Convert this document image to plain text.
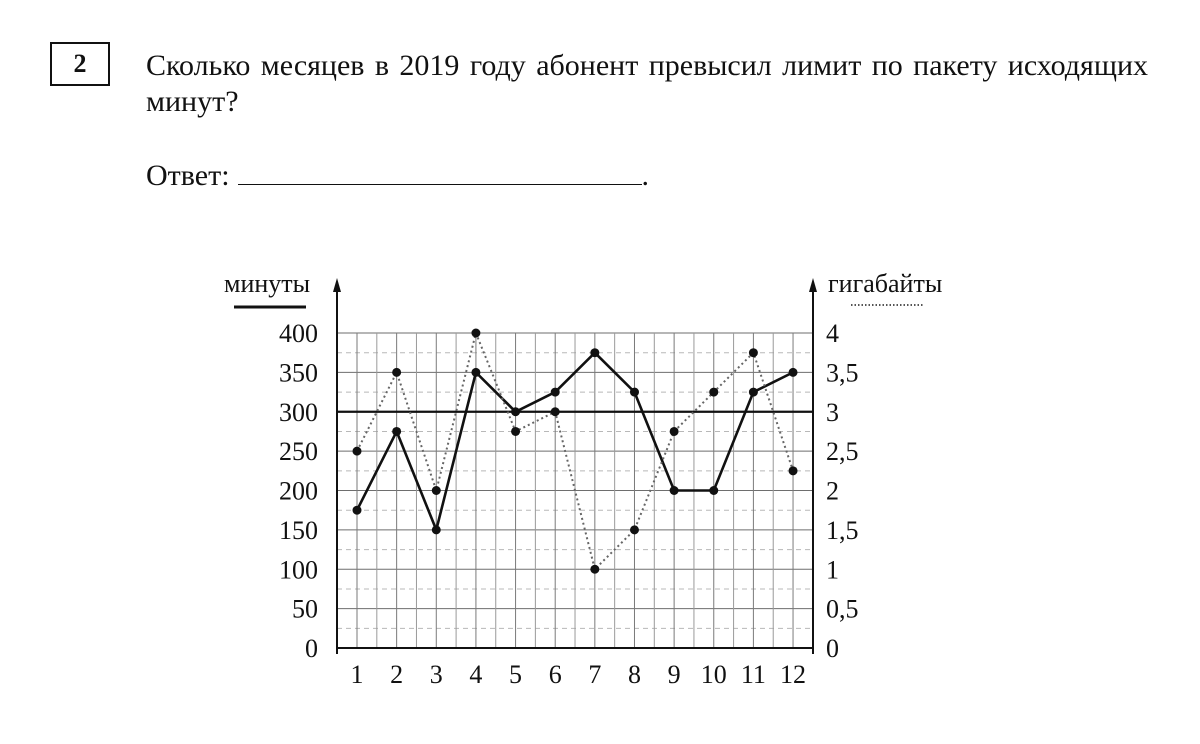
2	Сколько месяцев в 2019 году абонент превысил лимит по пакету исходящих минут?
Ответ:	.
минуты	гигабайты
0
50
100
150
200
250
300
350
400
0
0,5
1
1,5
2
2,5
3
3,5
4
1 2 3 4 5 6 7 8 9 10 11 12
